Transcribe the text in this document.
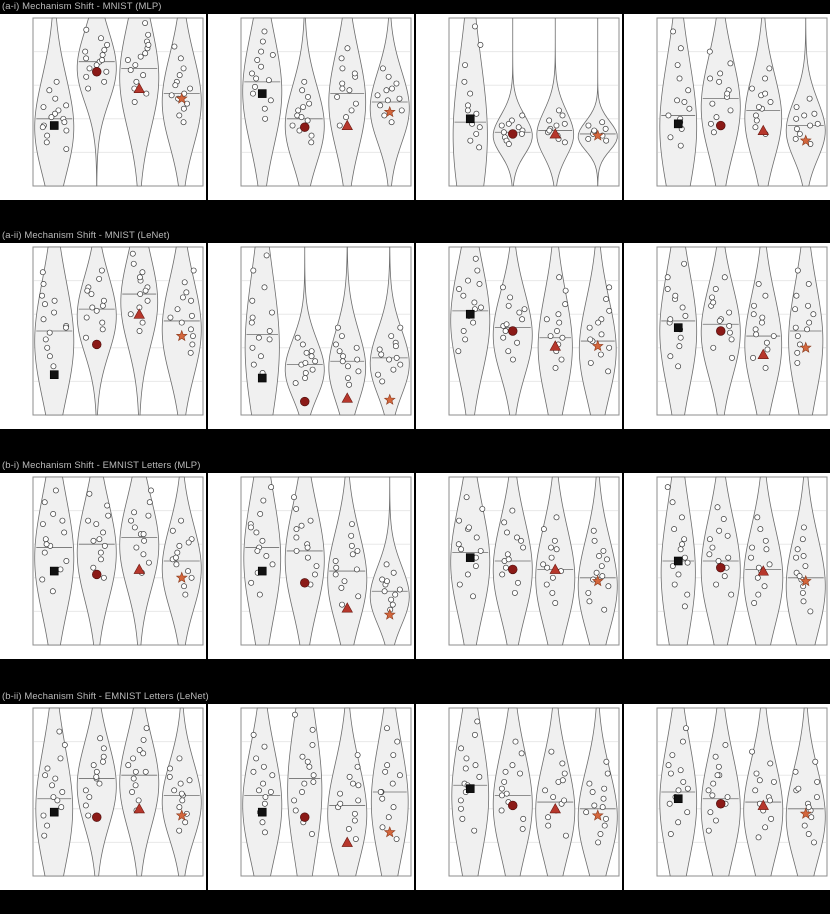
(a-i) Mechanism Shift - MNIST (MLP)
(a-ii) Mechanism Shift - MNIST (LeNet)
(b-i) Mechanism Shift - EMNIST Letters (MLP)
(b-ii) Mechanism Shift - EMNIST Letters (LeNet)
